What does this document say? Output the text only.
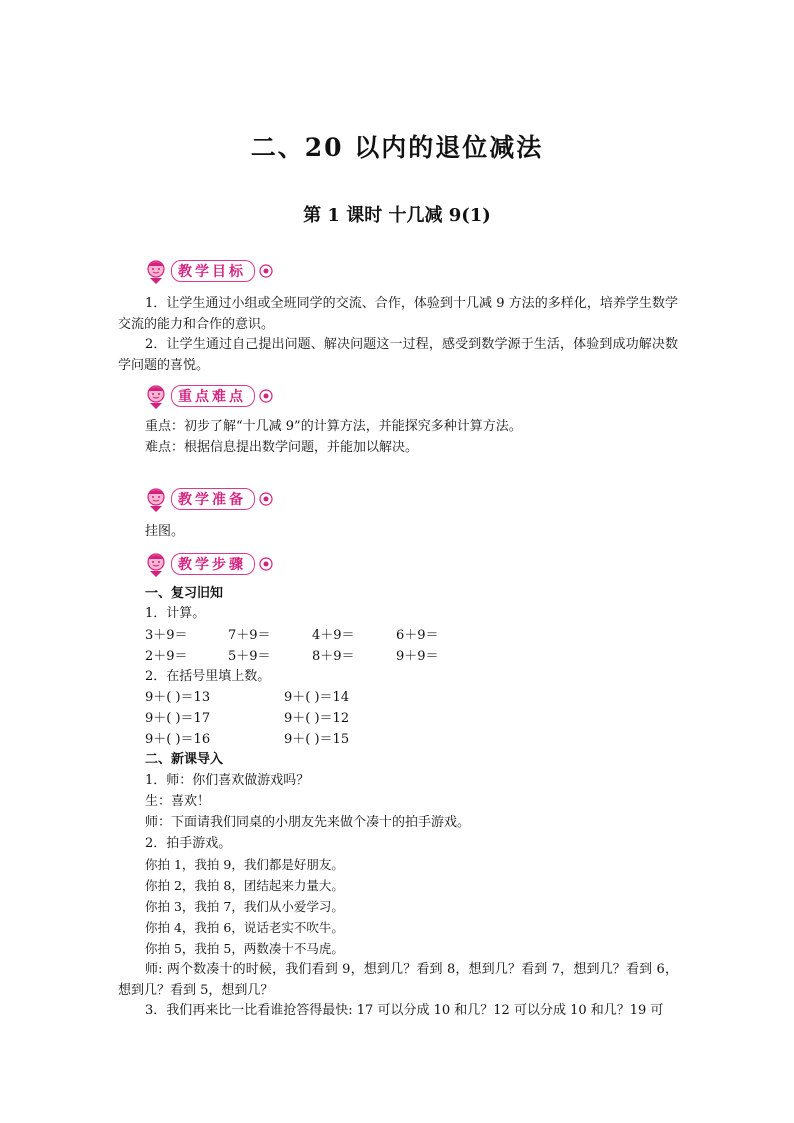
二、20 以内的退位减法
第 1 课时 十几减 9(1)
教学目标
1．让学生通过小组或全班同学的交流、合作，体验到十几减 9 方法的多样化，培养学生数学交流的能力和合作的意识。
2．让学生通过自己提出问题、解决问题这一过程，感受到数学源于生活，体验到成功解决数学问题的喜悦。
重点难点
重点：初步了解“十几减 9”的计算方法，并能探究多种计算方法。
难点：根据信息提出数学问题，并能加以解决。
教学准备
挂图。
教学步骤
一、复习旧知
1．计算。
3＋9＝	7＋9＝	4＋9＝	6＋9＝
2＋9＝	5＋9＝	8＋9＝	9＋9＝
2．在括号里填上数。
9＋( )＝13	9＋( )＝14
9＋( )＝17	9＋( )＝12
9＋( )＝16	9＋( )＝15
二、新课导入
1．师：你们喜欢做游戏吗？
生：喜欢！
师：下面请我们同桌的小朋友先来做个凑十的拍手游戏。
2．拍手游戏。
你拍 1，我拍 9，我们都是好朋友。
你拍 2，我拍 8，团结起来力量大。
你拍 3，我拍 7，我们从小爱学习。
你拍 4，我拍 6，说话老实不吹牛。
你拍 5，我拍 5，两数凑十不马虎。
师: 两个数凑十的时候，我们看到 9，想到几？看到 8，想到几？看到 7，想到几？看到 6，想到几？看到 5，想到几？
3．我们再来比一比看谁抢答得最快: 17 可以分成 10 和几？12 可以分成 10 和几？19 可
